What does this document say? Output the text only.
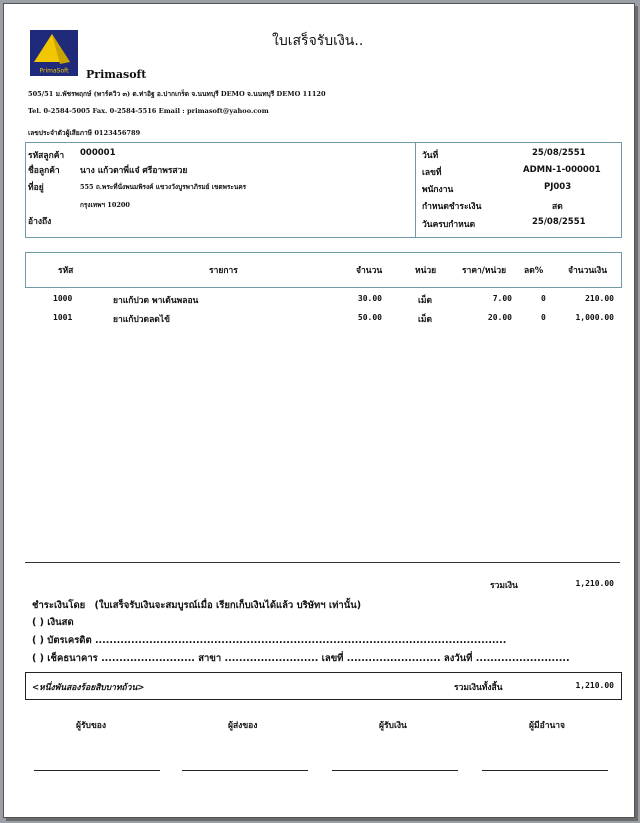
ใบเสร็จรับเงิน..
PrimaSoft Primasoft
505/51 ม.พัชรพฤกษ์ (พาร์ควิว ๓) ต.ท่าอิฐ อ.ปากเกร็ด จ.นนทบุรี DEMO จ.นนทบุรี DEMO 11120
Tel. 0-2584-5005 Fax. 0-2584-5516 Email : primasoft@yahoo.com
เลขประจำตัวผู้เสียภาษี 0123456789
รหัสลูกค้า 000001
ชื่อลูกค้า นาง แก้วตาพี่แจ๋ ศรีอาพรสวย
ที่อยู่	555 ถ.พระที่นั่งพนมพิรงค์ แขวงวังบูรพาภิรมย์ เขตพระนคร
กรุงเทพฯ 10200
อ้างถึง
วันที่	25/08/2551
เลขที่	ADMN-1-000001
พนักงาน	PJ003
กำหนดชำระเงิน	สด
วันครบกำหนด	25/08/2551
รหัส	รายการ	จำนวน	หน่วย	ราคา/หน่วย ลด%	จำนวนเงิน
1000	ยาแก้ปวด พาเด้นพลอน	30.00	เม็ด	7.00	0	210.00
1001	ยาแก้ปวดลดไข้	50.00	เม็ด	20.00	0	1,000.00
รวมเงิน	1,210.00
ชำระเงินโดย (ใบเสร็จรับเงินจะสมบูรณ์เมื่อ เรียกเก็บเงินได้แล้ว บริษัทฯ เท่านั้น)
( ) เงินสด
( ) บัตรเครดิต ..................................................................................................................
( ) เช็คธนาคาร .......................... สาขา .......................... เลขที่ .......................... ลงวันที่ ..........................
<หนึ่งพันสองร้อยสิบบาทถ้วน>	รวมเงินทั้งสิ้น	1,210.00
ผู้รับของ	ผู้ส่งของ	ผู้รับเงิน	ผู้มีอำนาจ
